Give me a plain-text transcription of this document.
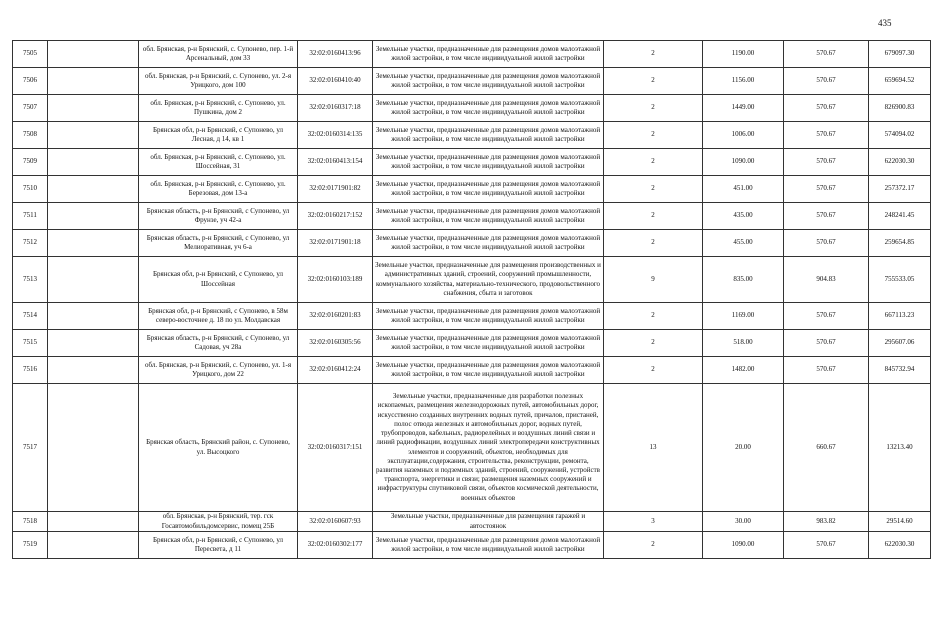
435
7505		обл. Брянская, р-н Брянский, с. Супонево, пер. 1-й Арсенальный, дом 33	32:02:0160413:96	Земельные участки, предназначенные для размещения домов малоэтажной жилой застройки, в том числе индивидуальной жилой застройки	2	1190.00	570.67	679097.30
7506		обл. Брянская, р-н Брянский, с. Супонево, ул. 2-я Урицкого, дом 100	32:02:0160410:40	Земельные участки, предназначенные для размещения домов малоэтажной жилой застройки, в том числе индивидуальной жилой застройки	2	1156.00	570.67	659694.52
7507		обл. Брянская, р-н Брянский, с. Супонево, ул. Пушкина, дом 2	32:02:0160317:18	Земельные участки, предназначенные для размещения домов малоэтажной жилой застройки, в том числе индивидуальной жилой застройки	2	1449.00	570.67	826900.83
7508		Брянская обл, р-н Брянский, с Супонево, ул Лесная, д 14, кв 1	32:02:0160314:135	Земельные участки, предназначенные для размещения домов малоэтажной жилой застройки, в том числе индивидуальной жилой застройки	2	1006.00	570.67	574094.02
7509		обл. Брянская, р-н Брянский, с. Супонево, ул. Шоссейная, 31	32:02:0160413:154	Земельные участки, предназначенные для размещения домов малоэтажной жилой застройки, в том числе индивидуальной жилой застройки	2	1090.00	570.67	622030.30
7510		обл. Брянская, р-н Брянский, с. Супонево, ул. Березовая, дом 13-а	32:02:0171901:82	Земельные участки, предназначенные для размещения домов малоэтажной жилой застройки, в том числе индивидуальной жилой застройки	2	451.00	570.67	257372.17
7511		Брянская область, р-н Брянский, с Супонево, ул Фрунзе, уч 42-а	32:02:0160217:152	Земельные участки, предназначенные для размещения домов малоэтажной жилой застройки, в том числе индивидуальной жилой застройки	2	435.00	570.67	248241.45
7512		Брянская область, р-н Брянский, с Супонево, ул Мелиоративная, уч 6-а	32:02:0171901:18	Земельные участки, предназначенные для размещения домов малоэтажной жилой застройки, в том числе индивидуальной жилой застройки	2	455.00	570.67	259654.85
7513		Брянская обл, р-н Брянский, с Супонево, ул Шоссейная	32:02:0160103:189	Земельные участки, предназначенные для размещения производственных и административных зданий, строений, сооружений промышленности, коммунального хозяйства, материально-технического, продовольственного снабжения, сбыта и заготовок	9	835.00	904.83	755533.05
7514		Брянская обл, р-н Брянский, с Супонево, в 58м северо-восточнее д. 18 по ул. Молдавская	32:02:0160201:83	Земельные участки, предназначенные для размещения домов малоэтажной жилой застройки, в том числе индивидуальной жилой застройки	2	1169.00	570.67	667113.23
7515		Брянская область, р-н Брянский, с Супонево, ул Садовая, уч 28а	32:02:0160305:56	Земельные участки, предназначенные для размещения домов малоэтажной жилой застройки, в том числе индивидуальной жилой застройки	2	518.00	570.67	295607.06
7516		обл. Брянская, р-н Брянский, с. Супонево, ул. 1-я Урицкого, дом 22	32:02:0160412:24	Земельные участки, предназначенные для размещения домов малоэтажной жилой застройки, в том числе индивидуальной жилой застройки	2	1482.00	570.67	845732.94
7517		Брянская область, Брянский район, с. Супонево, ул. Высоцкого	32:02:0160317:151	Земельные участки, предназначенные для разработки полезных ископаемых, размещения железнодорожных путей, автомобильных дорог, искусственно созданных внутренних водных путей, причалов, пристаней, полос отвода железных и автомобильных дорог, водных путей, трубопроводов, кабельных, радиорелейных и воздушных линий связи и линий радиофикации, воздушных линий электропередачи конструктивных элементов и сооружений, объектов, необходимых для эксплуатации,содержания, строительства, реконструкции, ремонта, развития наземных и подземных зданий, строений, сооружений, устройств транспорта, энергетики и связи; размещения наземных сооружений и инфраструктуры спутниковой связи, объектов космической деятельности, военных объектов	13	20.00	660.67	13213.40
7518		обл. Брянская, р-н Брянский, тер. гск Госавтомобильдомсервис, помещ 25Б	32:02:0160607:93	Земельные участки, предназначенные для размещения гаражей и автостоянок	3	30.00	983.82	29514.60
7519		Брянская обл, р-н Брянский, с Супонево, ул Пересвета, д 11	32:02:0160302:177	Земельные участки, предназначенные для размещения домов малоэтажной жилой застройки, в том числе индивидуальной жилой застройки	2	1090.00	570.67	622030.30
